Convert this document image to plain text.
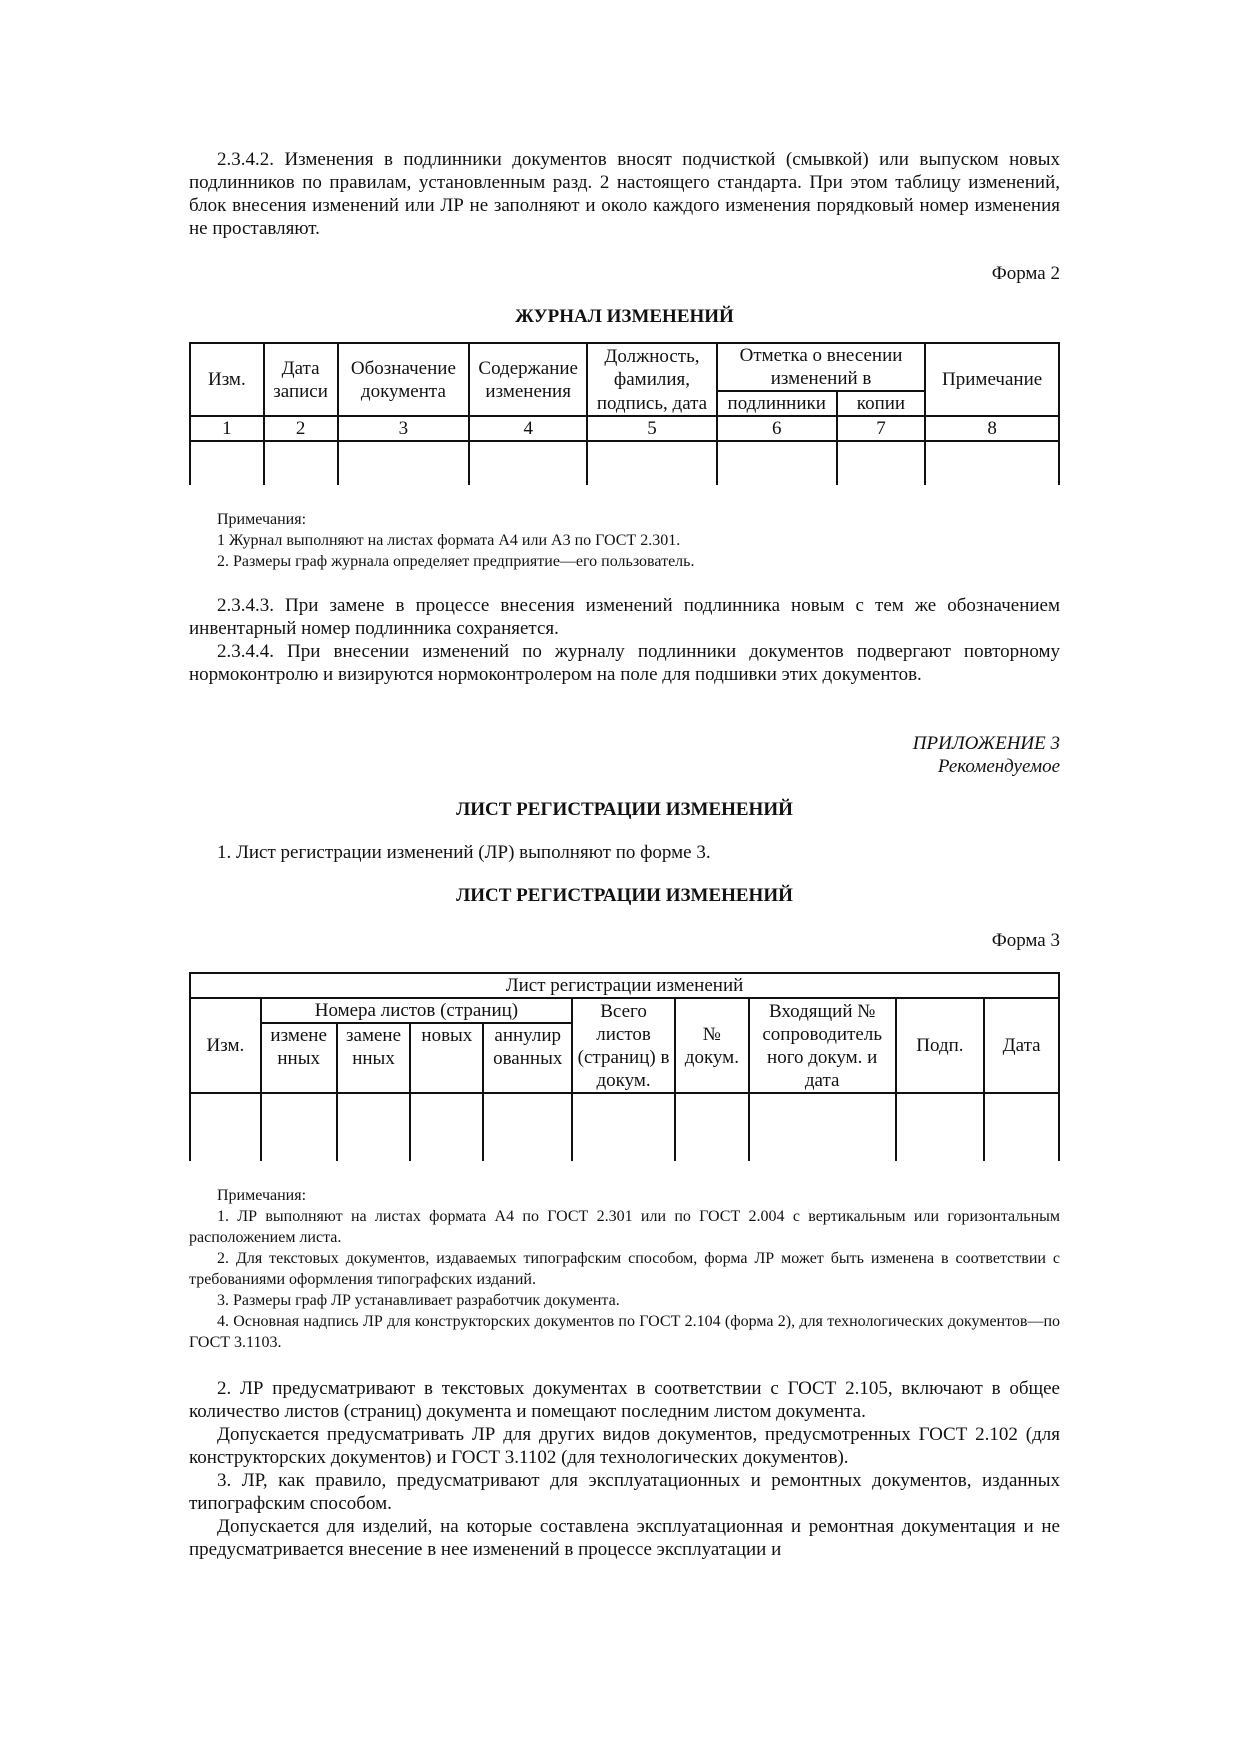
2.3.4.2. Изменения в подлинники документов вносят подчисткой (смывкой) или выпуском новых подлинников по правилам, установленным разд. 2 настоящего стандарта. При этом таблицу изменений, блок внесения изменений или ЛР не заполняют и около каждого изменения порядковый номер изменения не проставляют.

Форма 2

ЖУРНАЛ ИЗМЕНЕНИЙ

Изм.	Дата записи	Обозначение документа	Содержание изменения	Должность, фамилия,	Отметка о внесении изменений в		Примечание
				подпись, дата	подлинники	копии	
1	2	3	4	5	6	7	8

Примечания:

1 Журнал выполняют на листах формата А4 или А3 по ГОСТ 2.301.

2. Размеры граф журнала определяет предприятие—его пользователь.

2.3.4.3. При замене в процессе внесения изменений подлинника новым с тем же обозначением инвентарный номер подлинника сохраняется.

2.3.4.4. При внесении изменений по журналу подлинники документов подвергают повторному нормоконтролю и визируются нормоконтролером на поле для подшивки этих документов.

ПРИЛОЖЕНИЕ 3

Рекомендуемое

ЛИСТ РЕГИСТРАЦИИ ИЗМЕНЕНИЙ

1. Лист регистрации изменений (ЛР) выполняют по форме 3.

ЛИСТ РЕГИСТРАЦИИ ИЗМЕНЕНИЙ

Форма 3

Лист регистрации изменений									
Изм.	Номера листов (страниц)				Всего листов (страниц) в докум.	№ докум.	Входящий № сопроводитель ного докум. и дата	Подп.	Дата
	измене нных	замене нных	новых	аннулир ованных					

Примечания:

1. ЛР выполняют на листах формата А4 по ГОСТ 2.301 или по ГОСТ 2.004 с вертикальным или горизонтальным расположением листа.

2. Для текстовых документов, издаваемых типографским способом, форма ЛР может быть изменена в соответствии с требованиями оформления типографских изданий.

3. Размеры граф ЛР устанавливает разработчик документа.

4. Основная надпись ЛР для конструкторских документов по ГОСТ 2.104 (форма 2), для технологических документов—по ГОСТ 3.1103.

2. ЛР предусматривают в текстовых документах в соответствии с ГОСТ 2.105, включают в общее количество листов (страниц) документа и помещают последним листом документа.

Допускается предусматривать ЛР для других видов документов, предусмотренных ГОСТ 2.102 (для конструкторских документов) и ГОСТ 3.1102 (для технологических документов).

3. ЛР, как правило, предусматривают для эксплуатационных и ремонтных документов, изданных типографским способом.

Допускается для изделий, на которые составлена эксплуатационная и ремонтная документация и не предусматривается внесение в нее изменений в процессе эксплуатации и
